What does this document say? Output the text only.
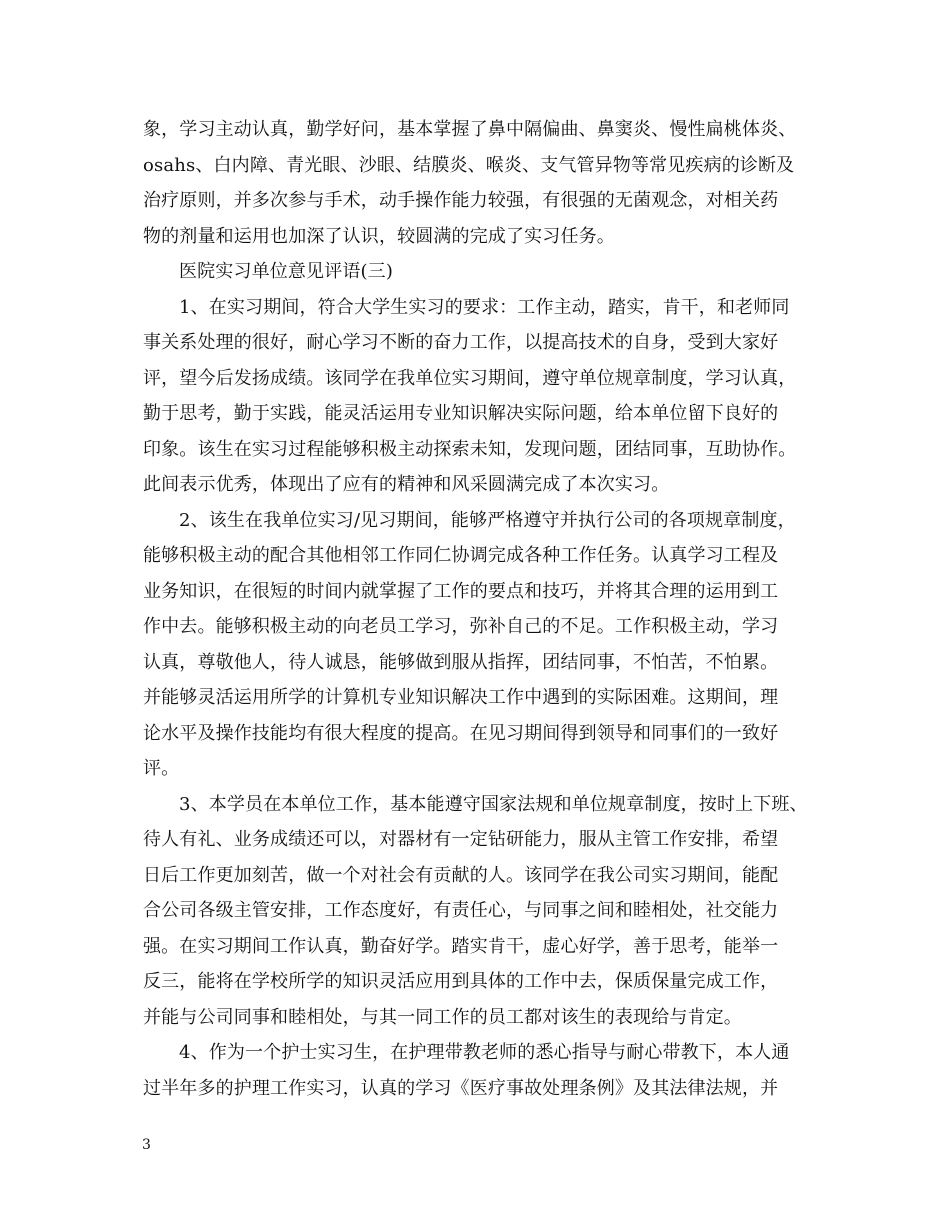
象，学习主动认真，勤学好问，基本掌握了鼻中隔偏曲、鼻窦炎、慢性扁桃体炎、
osahs、白内障、青光眼、沙眼、结膜炎、喉炎、支气管异物等常见疾病的诊断及
治疗原则，并多次参与手术，动手操作能力较强，有很强的无菌观念，对相关药
物的剂量和运用也加深了认识，较圆满的完成了实习任务。
医院实习单位意见评语(三)
1、在实习期间，符合大学生实习的要求：工作主动，踏实，肯干，和老师同
事关系处理的很好，耐心学习不断的奋力工作，以提高技术的自身，受到大家好
评，望今后发扬成绩。该同学在我单位实习期间，遵守单位规章制度，学习认真，
勤于思考，勤于实践，能灵活运用专业知识解决实际问题，给本单位留下良好的
印象。该生在实习过程能够积极主动探索未知，发现问题，团结同事，互助协作。
此间表示优秀，体现出了应有的精神和风采圆满完成了本次实习。
2、该生在我单位实习/见习期间，能够严格遵守并执行公司的各项规章制度，
能够积极主动的配合其他相邻工作同仁协调完成各种工作任务。认真学习工程及
业务知识，在很短的时间内就掌握了工作的要点和技巧，并将其合理的运用到工
作中去。能够积极主动的向老员工学习，弥补自己的不足。工作积极主动，学习
认真，尊敬他人，待人诚恳，能够做到服从指挥，团结同事，不怕苦，不怕累。
并能够灵活运用所学的计算机专业知识解决工作中遇到的实际困难。这期间，理
论水平及操作技能均有很大程度的提高。在见习期间得到领导和同事们的一致好
评。
3、本学员在本单位工作，基本能遵守国家法规和单位规章制度，按时上下班、
待人有礼、业务成绩还可以，对器材有一定钻研能力，服从主管工作安排，希望
日后工作更加刻苦，做一个对社会有贡献的人。该同学在我公司实习期间，能配
合公司各级主管安排，工作态度好，有责任心，与同事之间和睦相处，社交能力
强。在实习期间工作认真，勤奋好学。踏实肯干，虚心好学，善于思考，能举一
反三，能将在学校所学的知识灵活应用到具体的工作中去，保质保量完成工作，
并能与公司同事和睦相处，与其一同工作的员工都对该生的表现给与肯定。
4、作为一个护士实习生，在护理带教老师的悉心指导与耐心带教下，本人通
过半年多的护理工作实习，认真的学习《医疗事故处理条例》及其法律法规，并
3
